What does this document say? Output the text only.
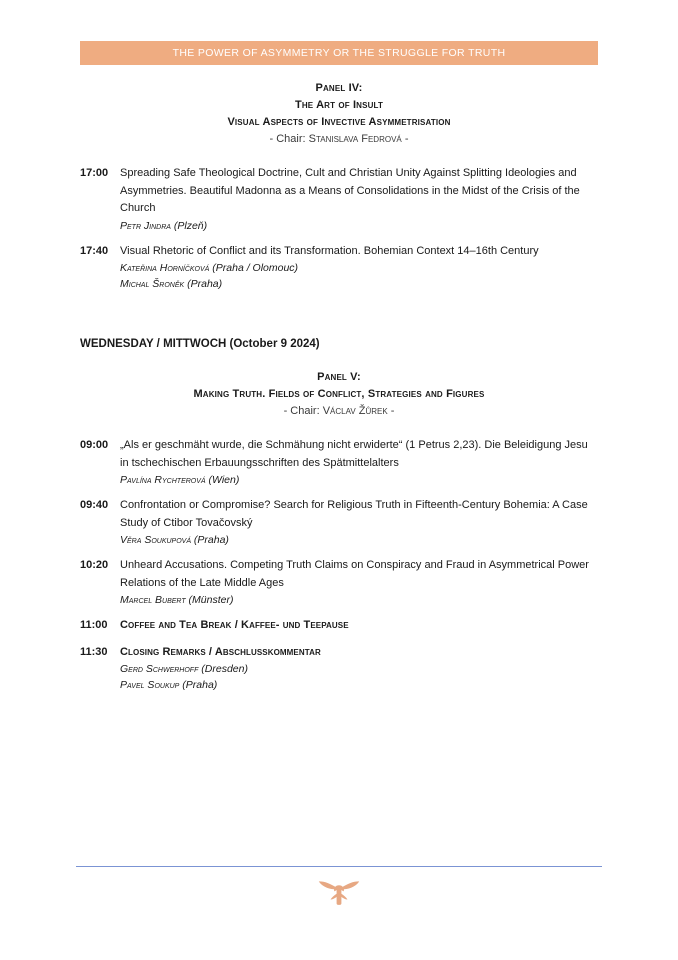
THE POWER OF ASYMMETRY OR THE STRUGGLE FOR TRUTH
Panel IV:
The Art of Insult
Visual Aspects of Invective Asymmetrisation
- Chair: Stanislava Fedrová -
17:00	Spreading Safe Theological Doctrine, Cult and Christian Unity Against Splitting Ideologies and Asymmetries. Beautiful Madonna as a Means of Consolidations in the Midst of the Crisis of the Church
Petr Jindra (Plzeň)
17:40	Visual Rhetoric of Conflict and its Transformation. Bohemian Context 14–16th Century
Kateřina Horníčková (Praha / Olomouc)
Michal Šroněk (Praha)
WEDNESDAY / MITTWOCH (October 9 2024)
Panel V:
Making Truth. Fields of Conflict, Strategies and Figures
- Chair: Václav Žůrek -
09:00	„Als er geschmäht wurde, die Schmähung nicht erwiderte“ (1 Petrus 2,23). Die Beleidigung Jesu in tschechischen Erbauungsschriften des Spätmittelalters
Pavlína Rychterová (Wien)
09:40	Confrontation or Compromise? Search for Religious Truth in Fifteenth-Century Bohemia: A Case Study of Ctibor Tovačovský
Věra Soukupová (Praha)
10:20	Unheard Accusations. Competing Truth Claims on Conspiracy and Fraud in Asymmetrical Power Relations of the Late Middle Ages
Marcel Bubert (Münster)
11:00	Coffee and Tea Break / Kaffee- und Teepause
11:30	Closing Remarks / Abschlusskommentar
Gerd Schwerhoff (Dresden)
Pavel Soukup (Praha)
